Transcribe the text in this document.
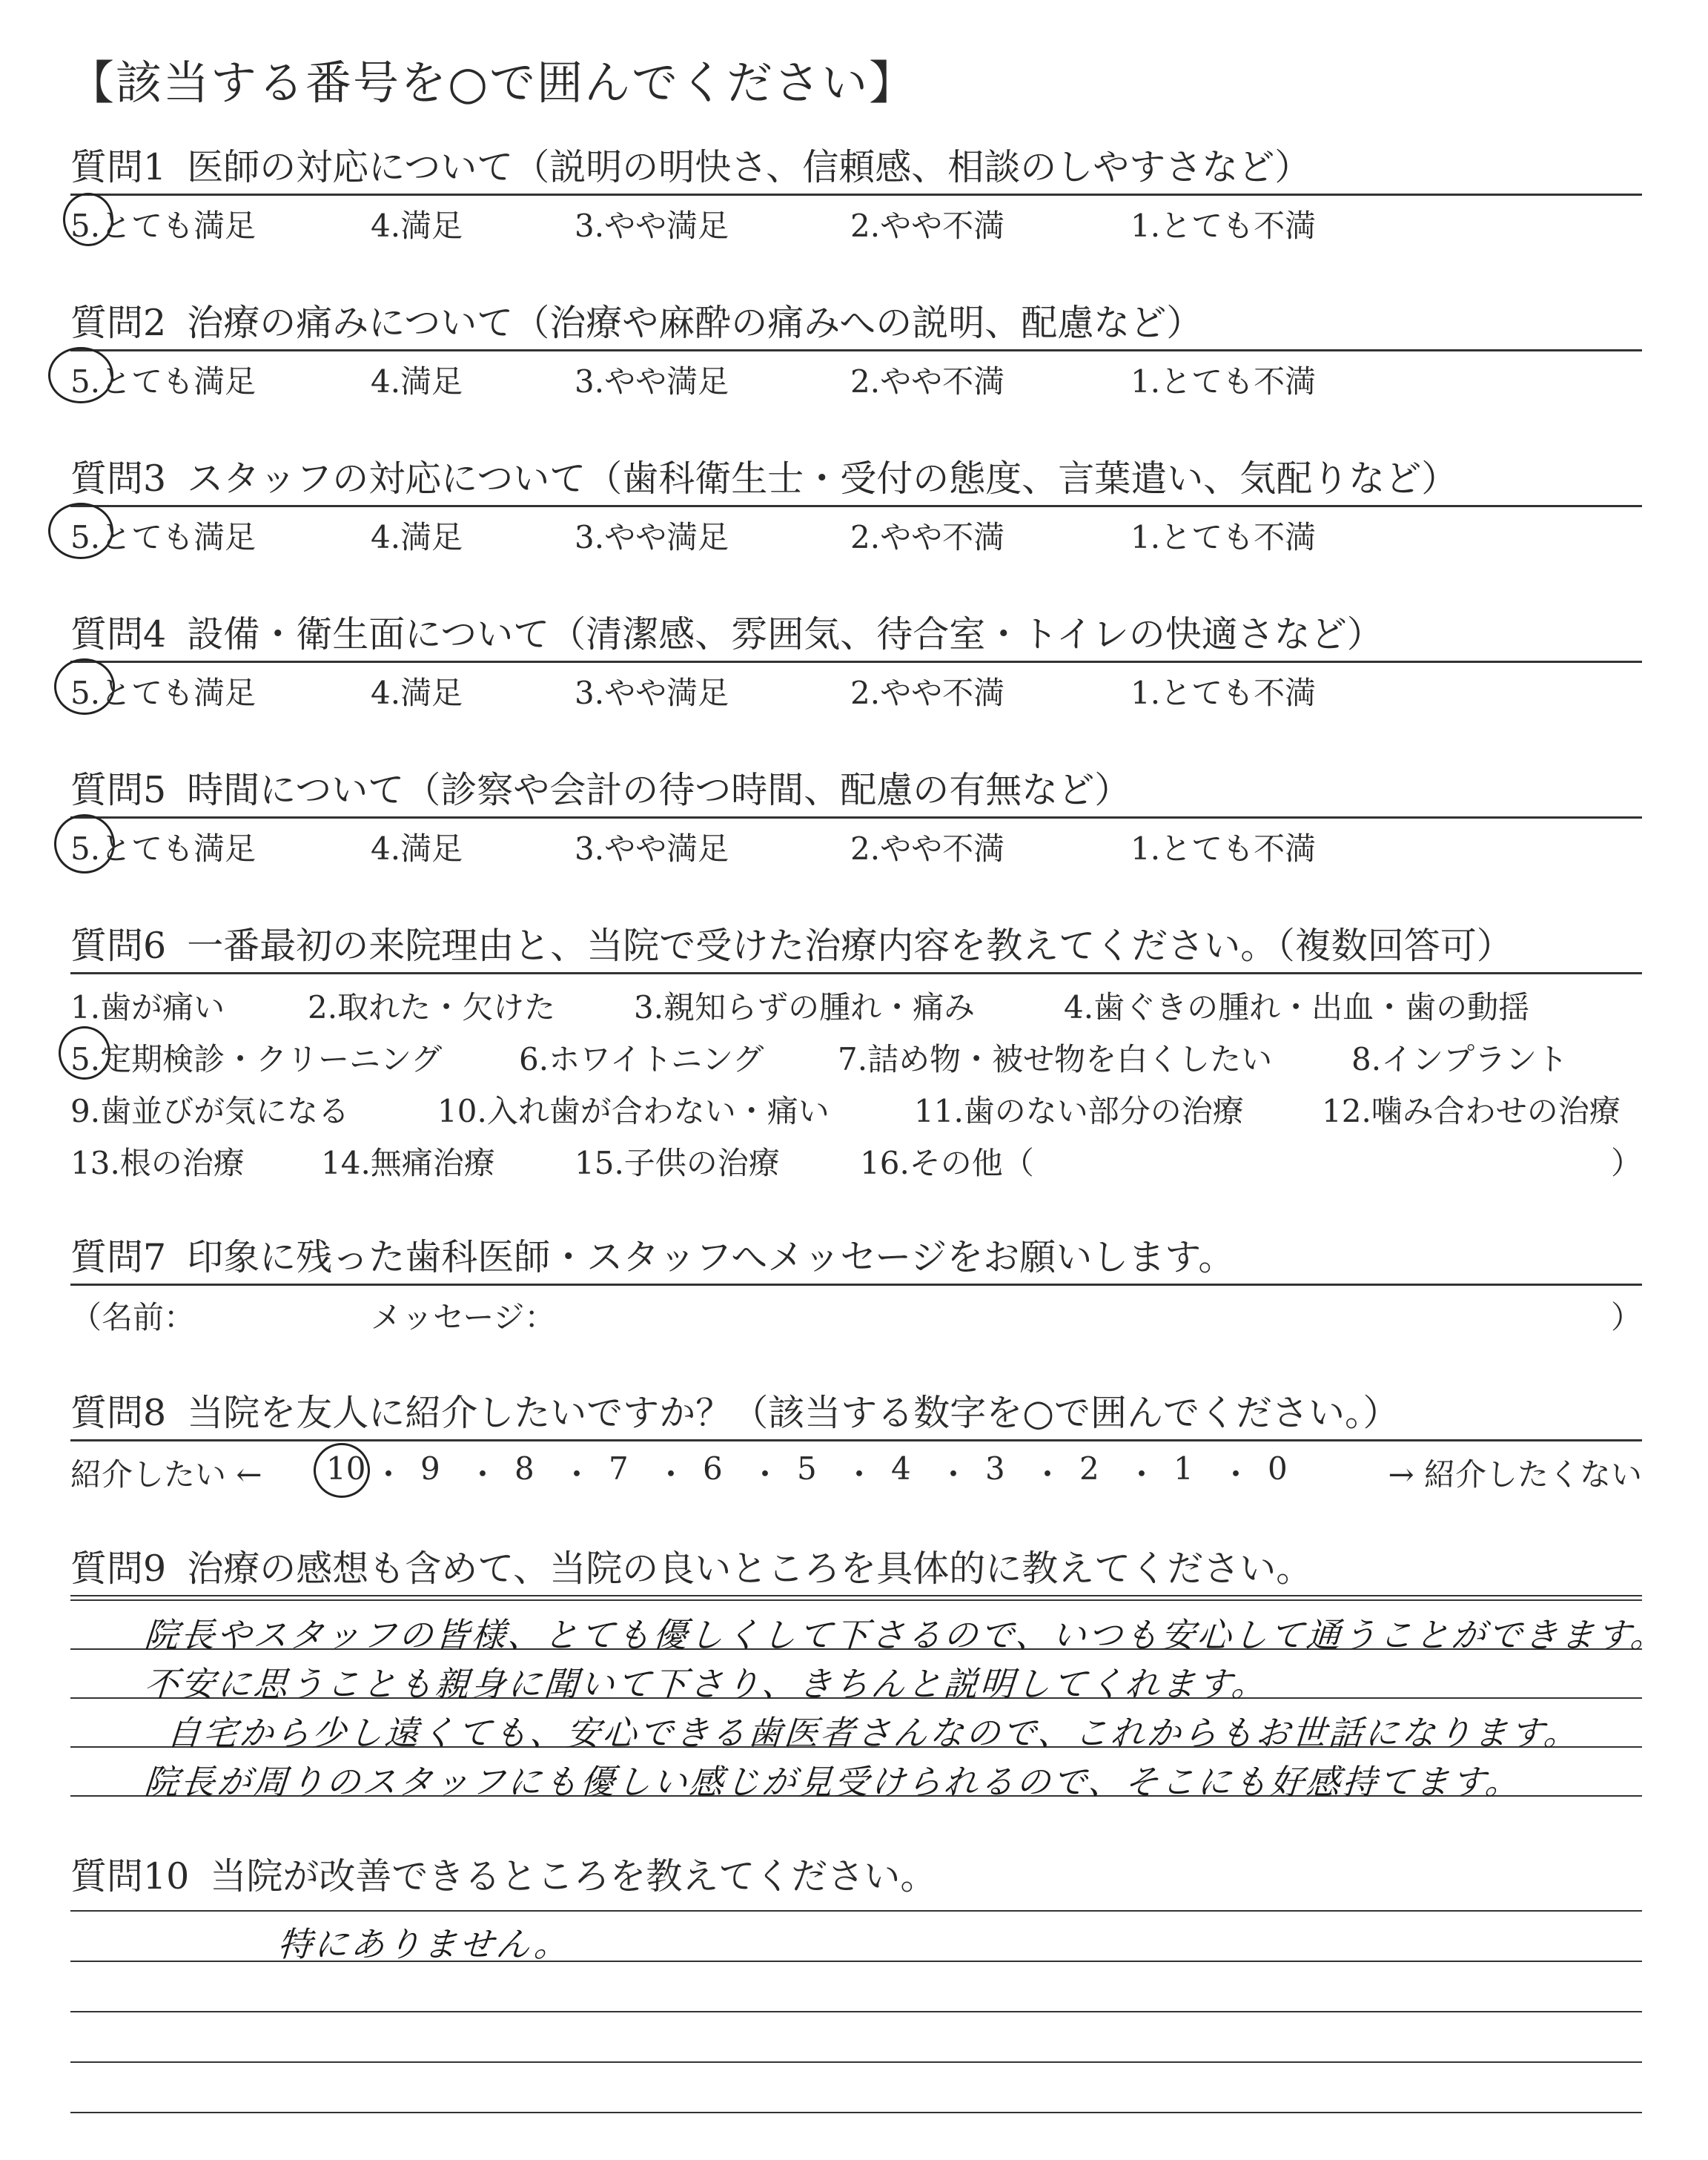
【該当する番号を○で囲んでください】
質問1 医師の対応について（説明の明快さ、信頼感、相談のしやすさなど）
5.とても満足	4.満足	3.やや満足	2.やや不満	1.とても不満
質問2 治療の痛みについて（治療や麻酔の痛みへの説明、配慮など）
5.とても満足	4.満足	3.やや満足	2.やや不満	1.とても不満
質問3 スタッフの対応について（歯科衛生士・受付の態度、言葉遣い、気配りなど）
5.とても満足	4.満足	3.やや満足	2.やや不満	1.とても不満
質問4 設備・衛生面について（清潔感、雰囲気、待合室・トイレの快適さなど）
5.とても満足	4.満足	3.やや満足	2.やや不満	1.とても不満
質問5 時間について（診察や会計の待つ時間、配慮の有無など）
5.とても満足	4.満足	3.やや満足	2.やや不満	1.とても不満
質問6 一番最初の来院理由と、当院で受けた治療内容を教えてください。（複数回答可）
1.歯が痛い	2.取れた・欠けた	3.親知らずの腫れ・痛み	4.歯ぐきの腫れ・出血・歯の動揺
5.定期検診・クリーニング 6.ホワイトニング 7.詰め物・被せ物を白くしたい	8.インプラント
9.歯並びが気になる	10.入れ歯が合わない・痛い	11.歯のない部分の治療	12.噛み合わせの治療
13.根の治療 14.無痛治療	15.子供の治療	16.その他（	）
質問7 印象に残った歯科医師・スタッフへメッセージをお願いします。
（名前：	メッセージ：	）
質問8 当院を友人に紹介したいですか？（該当する数字を○で囲んでください。）
紹介したい ←	→ 紹介したくない
10 ・ 9 ・ 8 ・ 7 ・ 6 ・ 5 ・ 4 ・ 3 ・ 2 ・ 1 ・ 0
質問9 治療の感想も含めて、当院の良いところを具体的に教えてください。
院長やスタッフの皆様、とても優しくして下さるので、いつも安心して通うことができます。
不安に思うことも親身に聞いて下さり、きちんと説明してくれます。
自宅から少し遠くても、安心できる歯医者さんなので、これからもお世話になります。
院長が周りのスタッフにも優しい感じが見受けられるので、そこにも好感持てます。
質問10 当院が改善できるところを教えてください。
特にありません。
